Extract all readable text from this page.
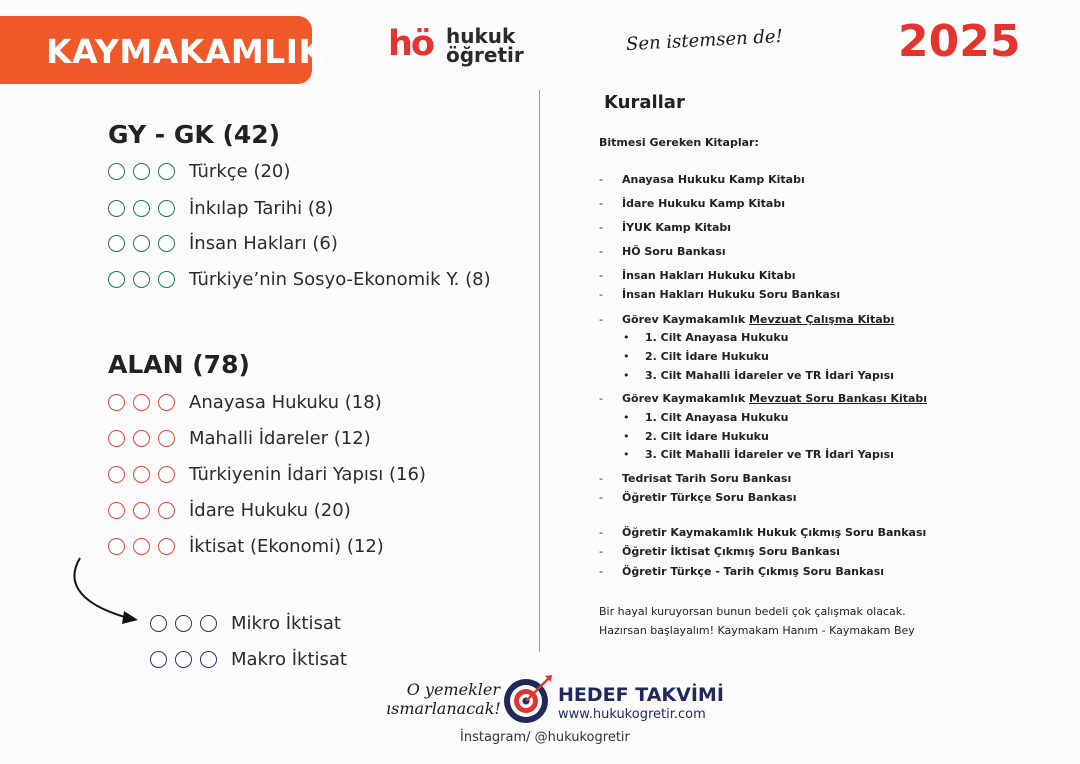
KAYMAKAMLIK hö hukuk
öğretir	Sen istemsen de!	2025
GY - GK (42)
Türkçe (20)
İnkılap Tarihi (8)
İnsan Hakları (6)
Türkiye’nin Sosyo-Ekonomik Y. (8)
ALAN (78)
Anayasa Hukuku (18)
Mahalli İdareler (12)
Türkiyenin İdari Yapısı (16)
İdare Hukuku (20)
İktisat (Ekonomi) (12)
Mikro İktisat
Makro İktisat
Kurallar
Bitmesi Gereken Kitaplar:
- Anayasa Hukuku Kamp Kitabı
- İdare Hukuku Kamp Kitabı
- İYUK Kamp Kitabı
- HÖ Soru Bankası
- İnsan Hakları Hukuku Kitabı
- İnsan Hakları Hukuku Soru Bankası
- Görev Kaymakamlık Mevzuat Çalışma Kitabı
• 1. Cilt Anayasa Hukuku
• 2. Cilt İdare Hukuku
• 3. Cilt Mahalli İdareler ve TR İdari Yapısı
- Görev Kaymakamlık Mevzuat Soru Bankası Kitabı
• 1. Cilt Anayasa Hukuku
• 2. Cilt İdare Hukuku
• 3. Cilt Mahalli İdareler ve TR İdari Yapısı
- Tedrisat Tarih Soru Bankası
- Öğretir Türkçe Soru Bankası
- Öğretir Kaymakamlık Hukuk Çıkmış Soru Bankası
- Öğretir İktisat Çıkmış Soru Bankası
- Öğretir Türkçe - Tarih Çıkmış Soru Bankası
Bir hayal kuruyorsan bunun bedeli çok çalışmak olacak.
Hazırsan başlayalım! Kaymakam Hanım - Kaymakam Bey
O yemekler
ısmarlanacak!
HEDEF TAKVİMİ
www.hukukogretir.com
İnstagram/ @hukukogretir
